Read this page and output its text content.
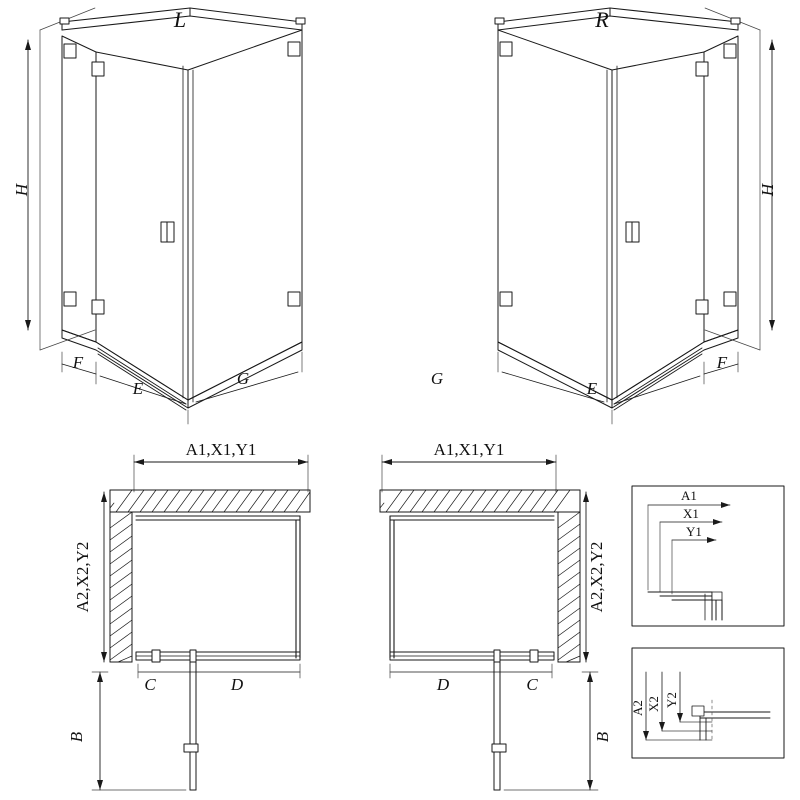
L	R
H	H
F
E
G	G
E
F
A1,X1,Y1	A1,X1,Y1
A2,X2,Y2	A2,X2,Y2
C	D	D	C
B	B
A1
X1
Y1
A2 X2 Y2
